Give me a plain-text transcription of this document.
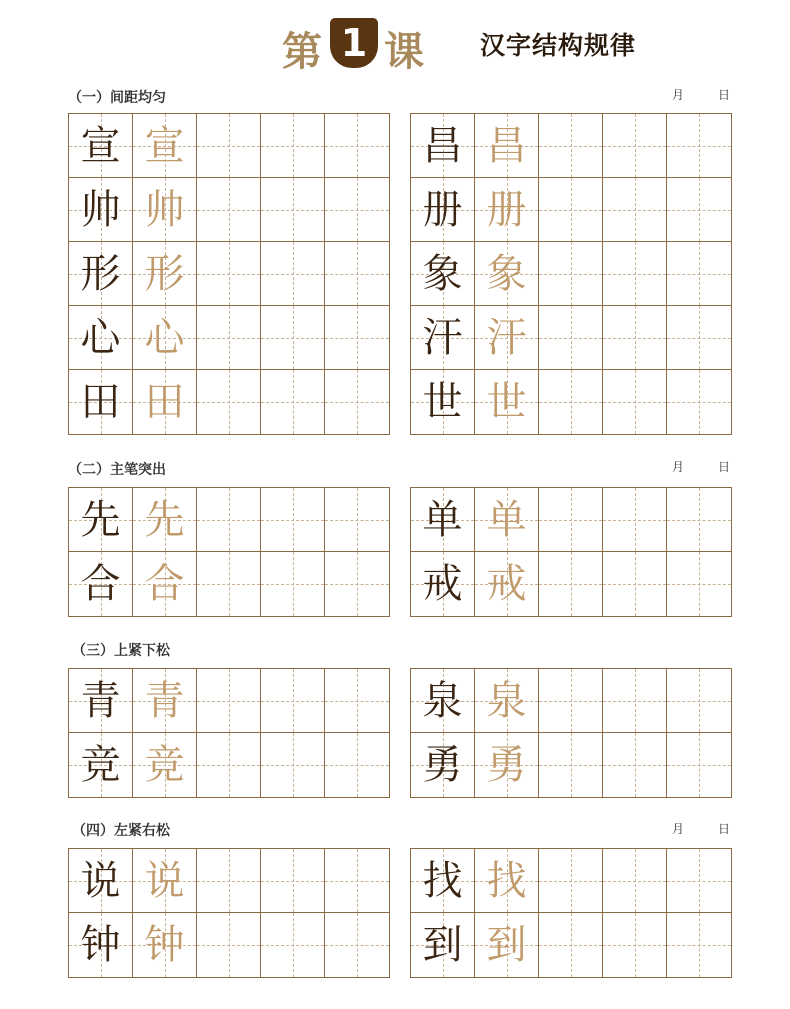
第 1 课 汉字结构规律
（一）间距均匀	月	日
宣 宣
帅 帅
形 形
心 心
田 田
昌 昌
册 册
象 象
汗 汗
世 世
（二）主笔突出	月	日
先 先
合 合
单 单
戒 戒
（三）上紧下松
青 青
竞 竞
泉 泉
勇 勇
（四）左紧右松	月	日
说 说
钟 钟
找 找
到 到
